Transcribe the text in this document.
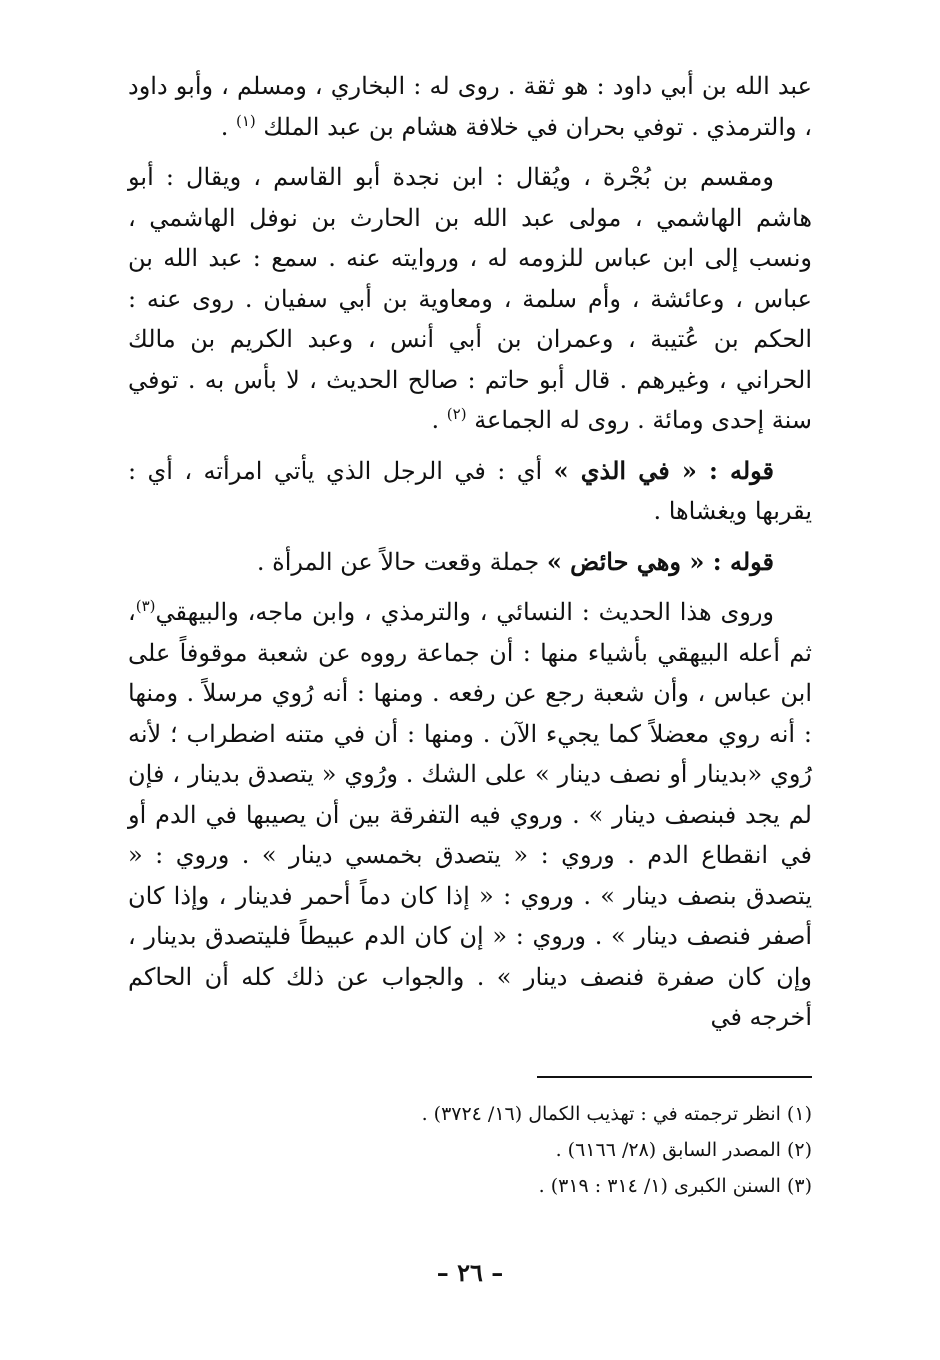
عبد الله بن أبي داود : هو ثقة . روى له : البخاري ، ومسلم ، وأبو داود ، والترمذي . توفي بحران في خلافة هشام بن عبد الملك $^{(١)}$ .
ومقسم بن بُجْرة ، ويُقال : ابن نجدة أبو القاسم ، ويقال : أبو هاشم الهاشمي ، مولى عبد الله بن الحارث بن نوفل الهاشمي ، ونسب إلى ابن عباس للزومه له ، وروايته عنه . سمع : عبد الله بن عباس ، وعائشة ، وأم سلمة ، ومعاوية بن أبي سفيان . روى عنه : الحكم بن عُتيبة ، وعمران بن أبي أنس ، وعبد الكريم بن مالك الحراني ، وغيرهم . قال أبو حاتم : صالح الحديث ، لا بأس به . توفي سنة إحدى ومائة . روى له الجماعة $^{(٢)}$ .
قوله : « في الذي » أي : في الرجل الذي يأتي امرأته ، أي : يقربها ويغشاها .
قوله : « وهي حائض » جملة وقعت حالاً عن المرأة .
وروى هذا الحديث : النسائي ، والترمذي ، وابن ماجه، والبيهقي$^{(٣)}$، ثم أعله البيهقي بأشياء منها : أن جماعة رووه عن شعبة موقوفاً على ابن عباس ، وأن شعبة رجع عن رفعه . ومنها : أنه رُوي مرسلاً . ومنها : أنه روي معضلاً كما يجيء الآن . ومنها : أن في متنه اضطراب ؛ لأنه رُوي «بدينار أو نصف دينار » على الشك . ورُوي « يتصدق بدينار ، فإن لم يجد فبنصف دينار » . وروي فيه التفرقة بين أن يصيبها في الدم أو في انقطاع الدم . وروي : « يتصدق بخمسي دينار » . وروي : « يتصدق بنصف دينار » . وروي : « إذا كان دماً أحمر فدينار ، وإذا كان أصفر فنصف دينار » . وروي : « إن كان الدم عبيطاً فليتصدق بدينار ، وإن كان صفرة فنصف دينار » . والجواب عن ذلك كله أن الحاكم أخرجه في
(١) انظر ترجمته في : تهذيب الكمال (١٦/ ٣٧٢٤) .
(٢) المصدر السابق (٢٨/ ٦١٦٦) .
(٣) السنن الكبرى (١/ ٣١٤ : ٣١٩) .
– ٢٦ –
